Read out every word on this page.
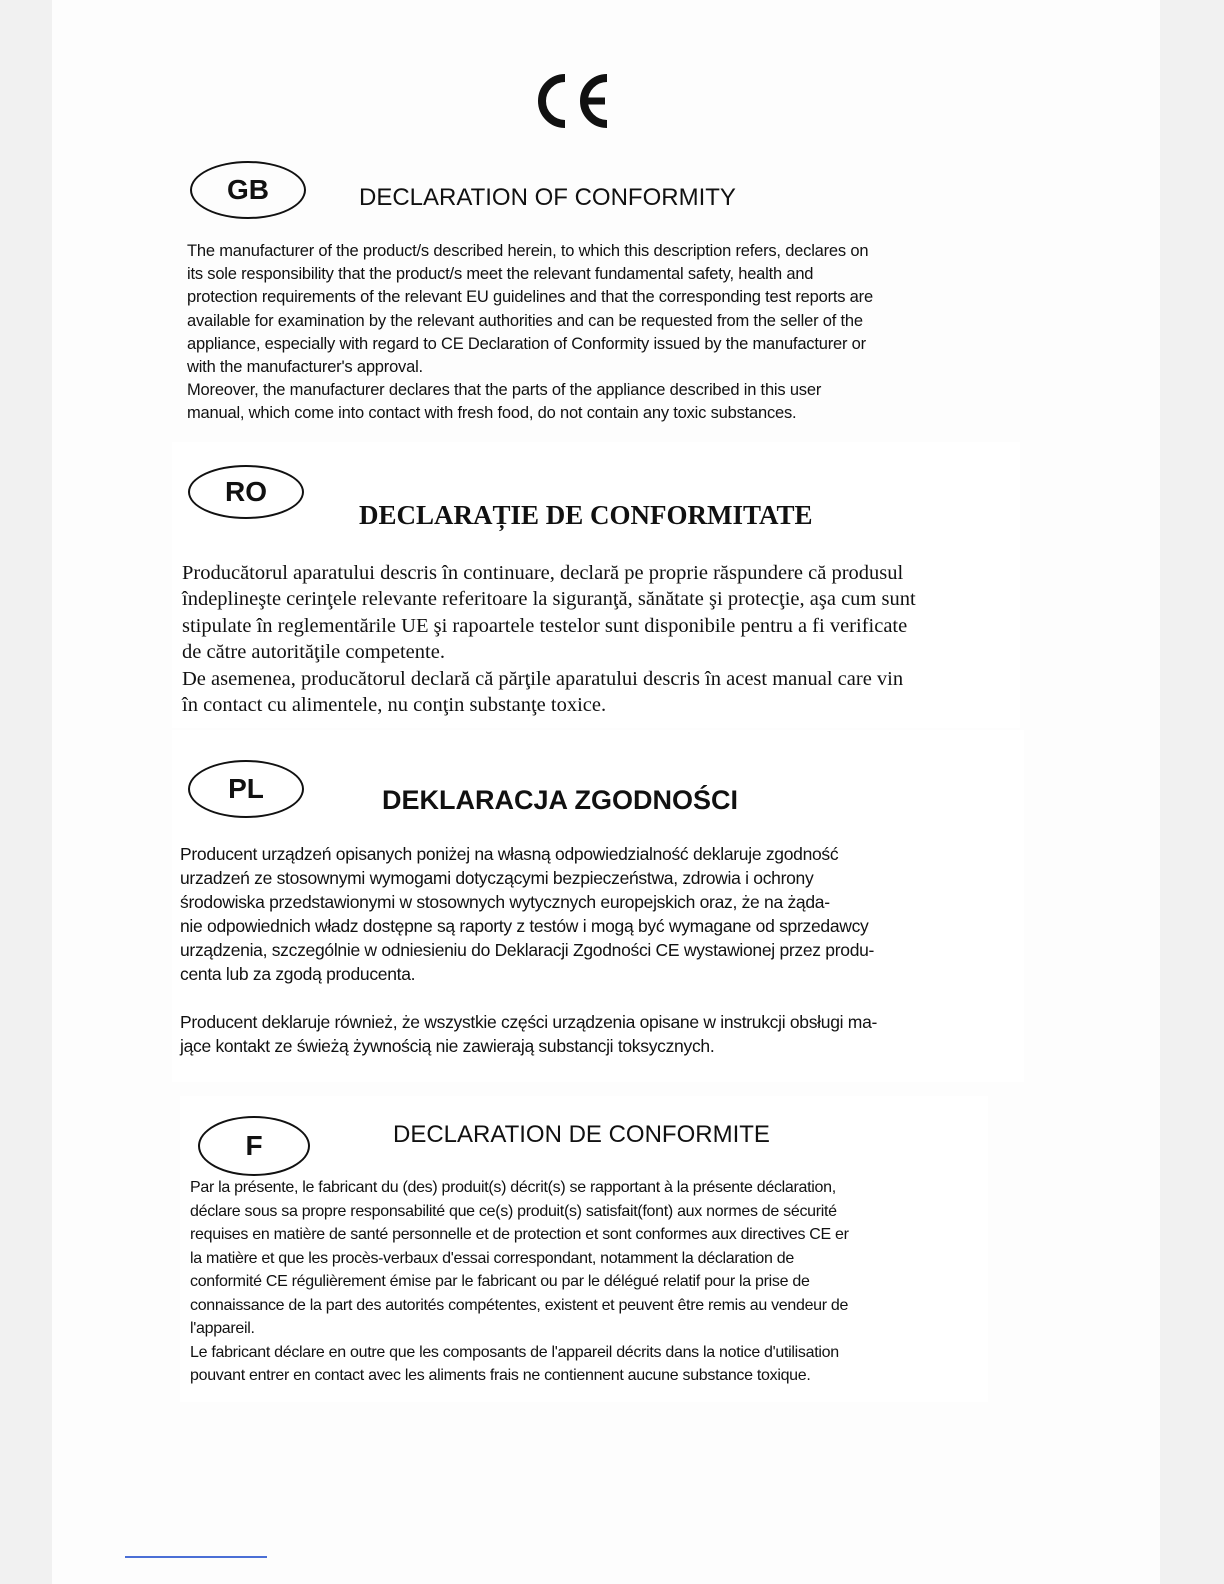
GB	DECLARATION OF CONFORMITY

The manufacturer of the product/s described herein, to which this description refers, declares on

its sole responsibility that the product/s meet the relevant fundamental safety, health and

protection requirements of the relevant EU guidelines and that the corresponding test reports are

available for examination by the relevant authorities and can be requested from the seller of the

appliance, especially with regard to CE Declaration of Conformity issued by the manufacturer or

with the manufacturer's approval.

Moreover, the manufacturer declares that the parts of the appliance described in this user

manual, which come into contact with fresh food, do not contain any toxic substances.

RO
DECLARAȚIE DE CONFORMITATE

Producătorul aparatului descris în continuare, declară pe proprie răspundere că produsul

îndeplineşte cerinţele relevante referitoare la siguranţă, sănătate şi protecţie, aşa cum sunt

stipulate în reglementările UE şi rapoartele testelor sunt disponibile pentru a fi verificate

de către autorităţile competente.

De asemenea, producătorul declară că părţile aparatului descris în acest manual care vin

în contact cu alimentele, nu conţin substanţe toxice.

PL	DEKLARACJA ZGODNOŚCI

Producent urządzeń opisanych poniżej na własną odpowiedzialność deklaruje zgodność

urzadzeń ze stosownymi wymogami dotyczącymi bezpieczeństwa, zdrowia i ochrony

środowiska przedstawionymi w stosownych wytycznych europejskich oraz, że na żąda-

nie odpowiednich władz dostępne są raporty z testów i mogą być wymagane od sprzedawcy

urządzenia, szczególnie w odniesieniu do Deklaracji Zgodności CE wystawionej przez produ-

centa lub za zgodą producenta.

Producent deklaruje również, że wszystkie części urządzenia opisane w instrukcji obsługi ma-

jące kontakt ze świeżą żywnością nie zawierają substancji toksycznych.

F	DECLARATION DE CONFORMITE

Par la présente, le fabricant du (des) produit(s) décrit(s) se rapportant à la présente déclaration,

déclare sous sa propre responsabilité que ce(s) produit(s) satisfait(font) aux normes de sécurité

requises en matière de santé personnelle et de protection et sont conformes aux directives CE er

la matière et que les procès-verbaux d'essai correspondant, notamment la déclaration de

conformité CE régulièrement émise par le fabricant ou par le délégué relatif pour la prise de

connaissance de la part des autorités compétentes, existent et peuvent être remis au vendeur de

l'appareil.

Le fabricant déclare en outre que les composants de l'appareil décrits dans la notice d'utilisation

pouvant entrer en contact avec les aliments frais ne contiennent aucune substance toxique.
